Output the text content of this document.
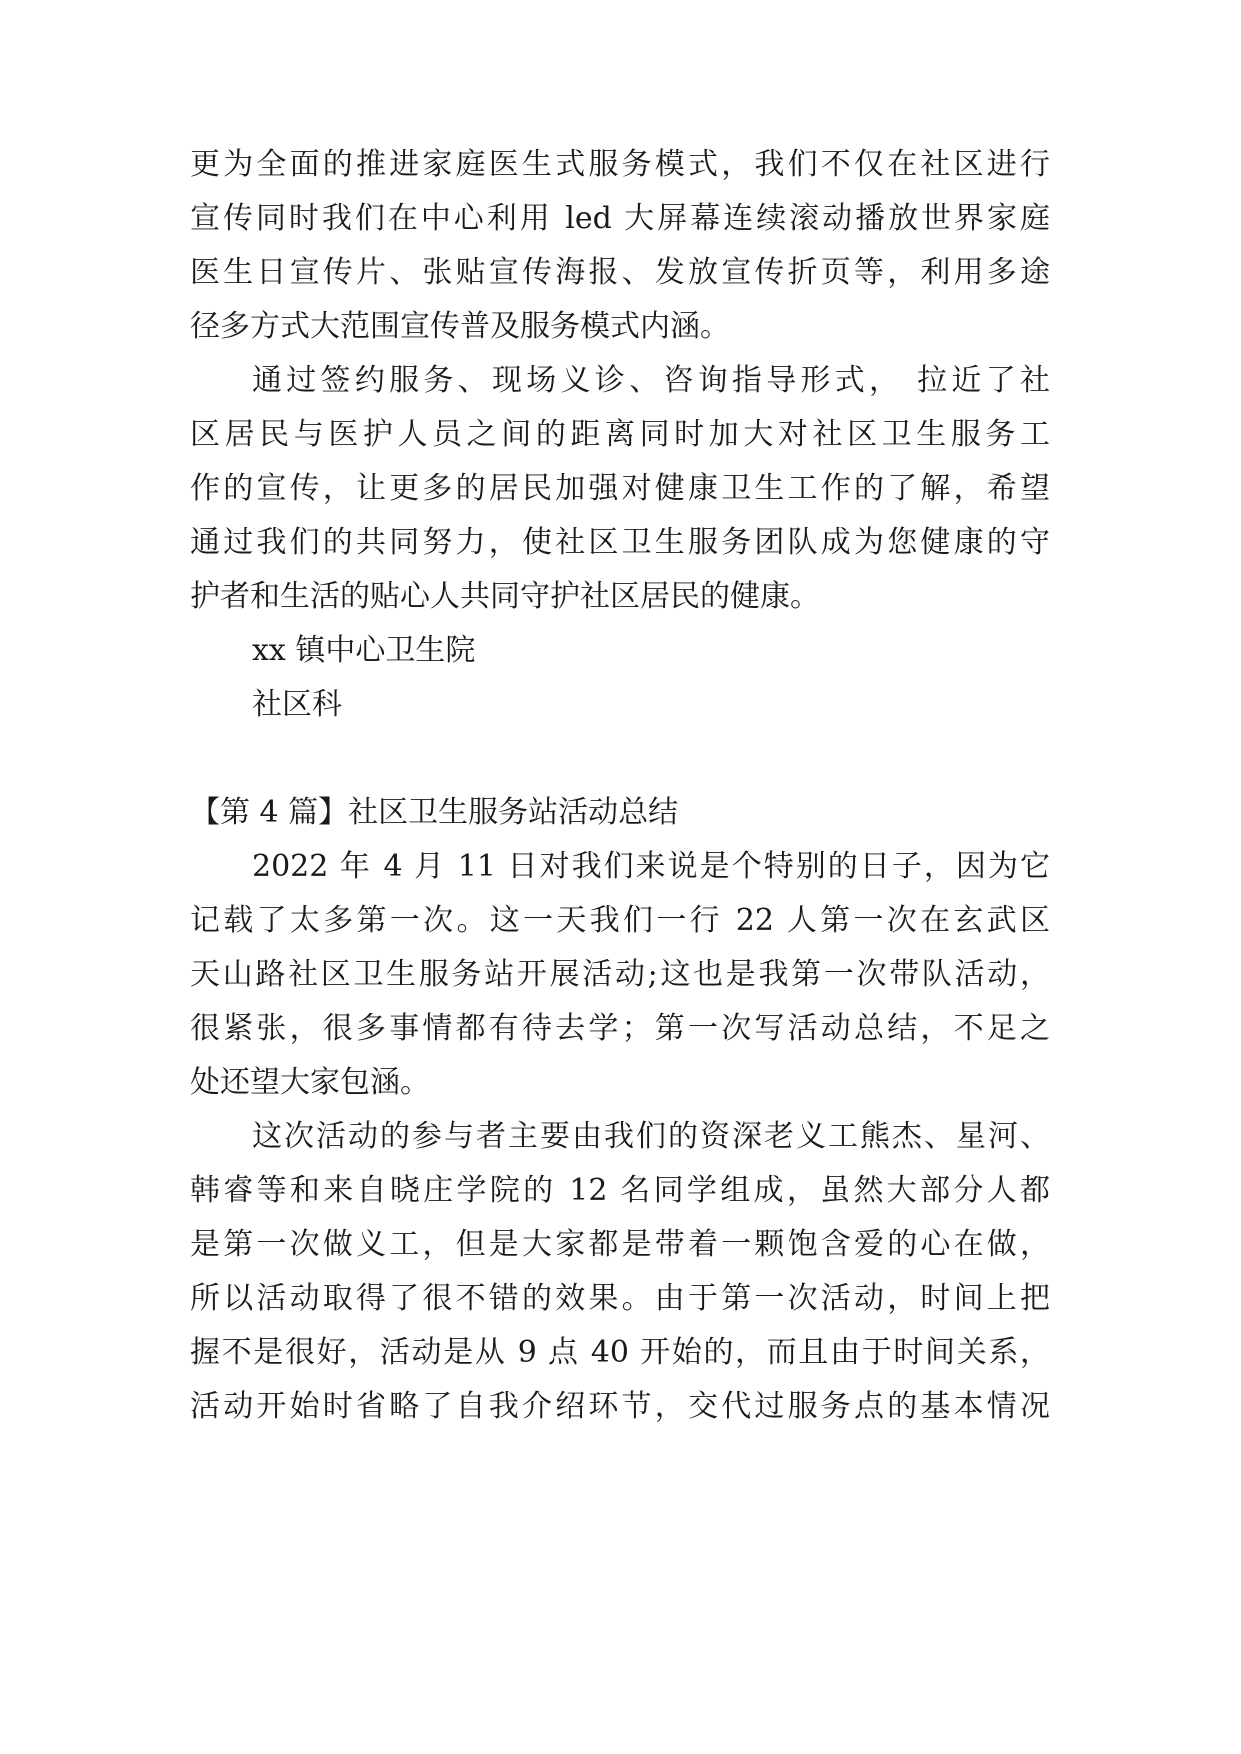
更为全面的推进家庭医生式服务模式，我们不仅在社区进行
宣传同时我们在中心利用 led 大屏幕连续滚动播放世界家庭
医生日宣传片、张贴宣传海报、发放宣传折页等，利用多途
径多方式大范围宣传普及服务模式内涵。
通过签约服务、现场义诊、咨询指导形式， 拉近了社
区居民与医护人员之间的距离同时加大对社区卫生服务工
作的宣传，让更多的居民加强对健康卫生工作的了解，希望
通过我们的共同努力，使社区卫生服务团队成为您健康的守
护者和生活的贴心人共同守护社区居民的健康。
xx 镇中心卫生院
社区科
【第 4 篇】社区卫生服务站活动总结
2022 年 4 月 11 日对我们来说是个特别的日子，因为它
记载了太多第一次。这一天我们一行 22 人第一次在玄武区
天山路社区卫生服务站开展活动;这也是我第一次带队活动，
很紧张，很多事情都有待去学；第一次写活动总结，不足之
处还望大家包涵。
这次活动的参与者主要由我们的资深老义工熊杰、星河、
韩睿等和来自晓庄学院的 12 名同学组成，虽然大部分人都
是第一次做义工，但是大家都是带着一颗饱含爱的心在做，
所以活动取得了很不错的效果。由于第一次活动，时间上把
握不是很好，活动是从 9 点 40 开始的，而且由于时间关系，
活动开始时省略了自我介绍环节，交代过服务点的基本情况
